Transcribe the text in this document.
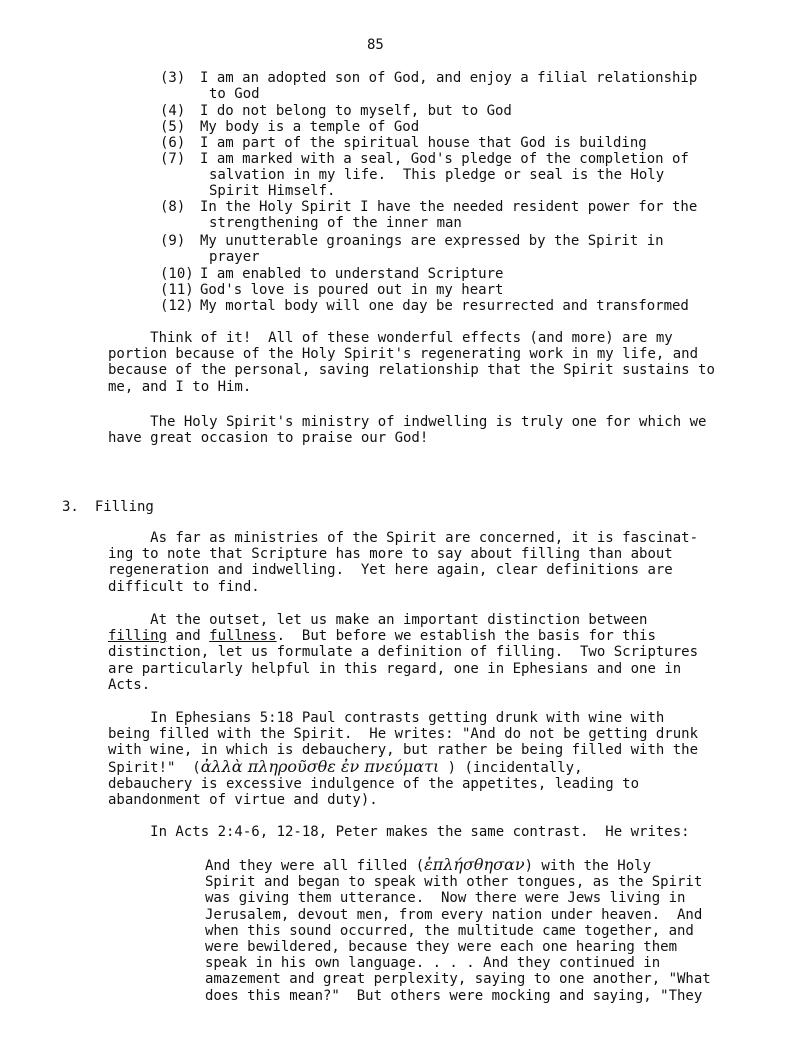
85
(3) I am an adopted son of God, and enjoy a filial relationship
to God
(4) I do not belong to myself, but to God
(5) My body is a temple of God
(6) I am part of the spiritual house that God is building
(7) I am marked with a seal, God's pledge of the completion of
salvation in my life.  This pledge or seal is the Holy
Spirit Himself.
(8) In the Holy Spirit I have the needed resident power for the
strengthening of the inner man
(9) My unutterable groanings are expressed by the Spirit in
prayer
(10) I am enabled to understand Scripture
(11) God's love is poured out in my heart
(12) My mortal body will one day be resurrected and transformed
Think of it!  All of these wonderful effects (and more) are my
portion because of the Holy Spirit's regenerating work in my life, and
because of the personal, saving relationship that the Spirit sustains to
me, and I to Him.
The Holy Spirit's ministry of indwelling is truly one for which we
have great occasion to praise our God!
3. Filling
As far as ministries of the Spirit are concerned, it is fascinat-
ing to note that Scripture has more to say about filling than about
regeneration and indwelling.  Yet here again, clear definitions are
difficult to find.
At the outset, let us make an important distinction between
filling and fullness.  But before we establish the basis for this
distinction, let us formulate a definition of filling.  Two Scriptures
are particularly helpful in this regard, one in Ephesians and one in
Acts.
In Ephesians 5:18 Paul contrasts getting drunk with wine with
being filled with the Spirit.  He writes: "And do not be getting drunk
with wine, in which is debauchery, but rather be being filled with the
Spirit!"  (ἀλλὰ πληροῦσθε ἐν πνεύματι ) (incidentally,
debauchery is excessive indulgence of the appetites, leading to
abandonment of virtue and duty).
In Acts 2:4-6, 12-18, Peter makes the same contrast.  He writes:
And they were all filled (ἐπλήσθησαν) with the Holy
Spirit and began to speak with other tongues, as the Spirit
was giving them utterance.  Now there were Jews living in
Jerusalem, devout men, from every nation under heaven.  And
when this sound occurred, the multitude came together, and
were bewildered, because they were each one hearing them
speak in his own language. . . . And they continued in
amazement and great perplexity, saying to one another, "What
does this mean?"  But others were mocking and saying, "They
